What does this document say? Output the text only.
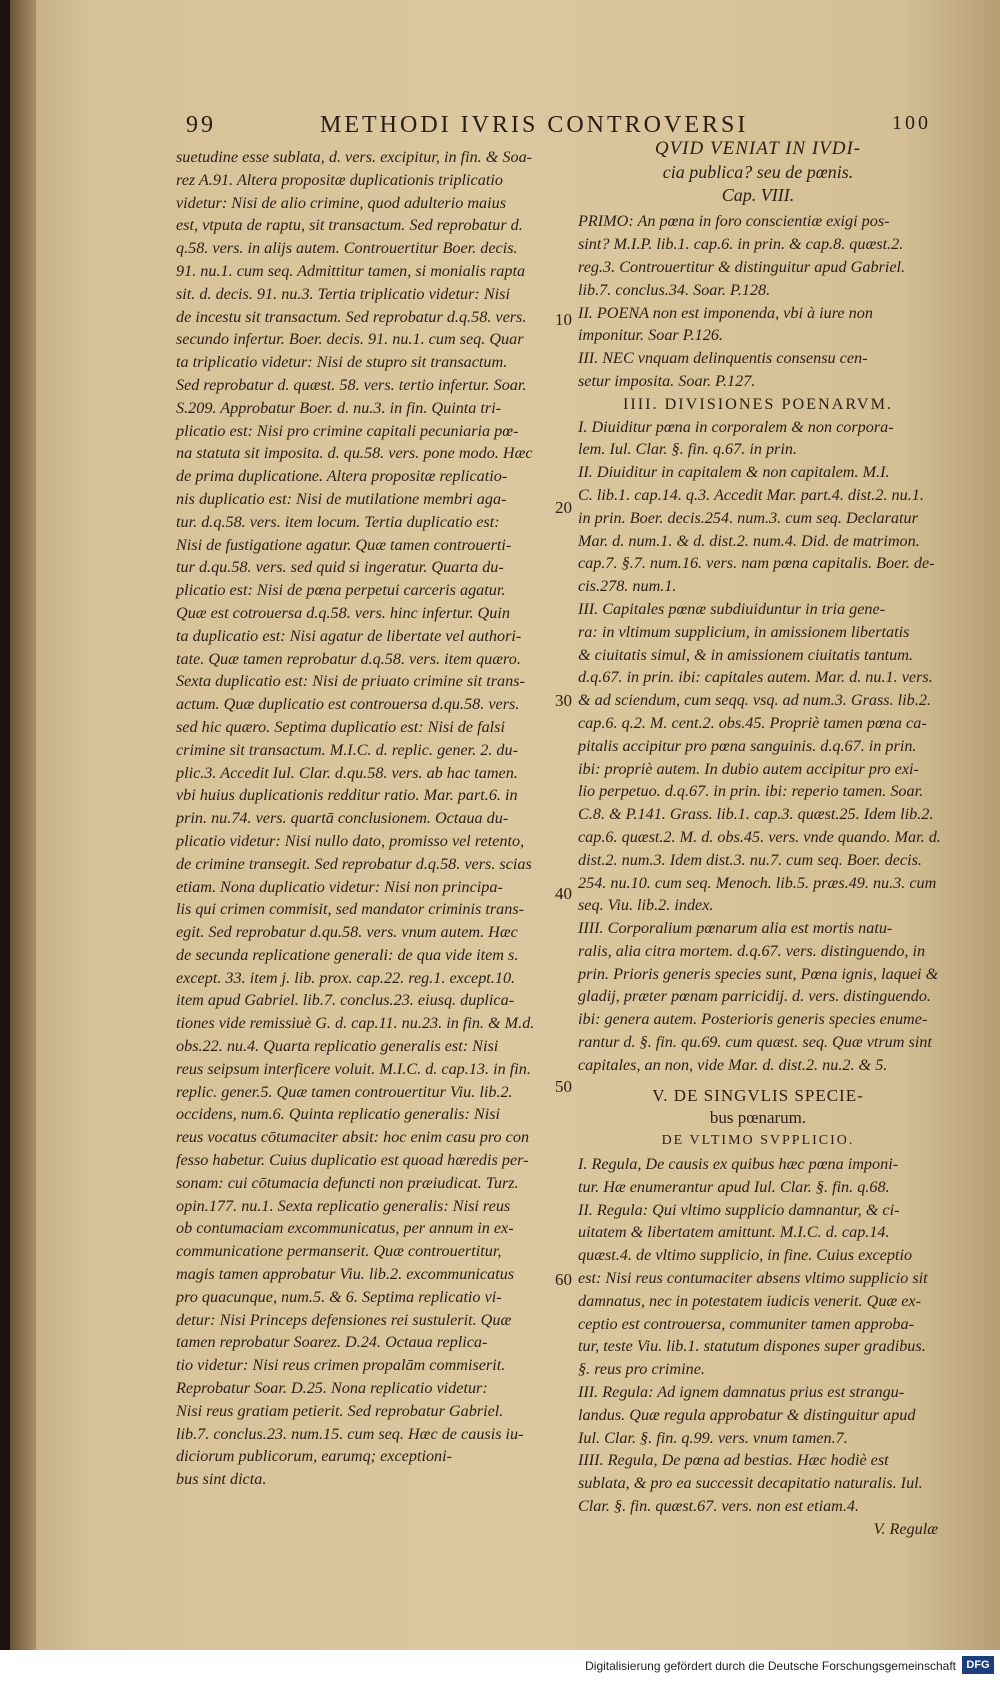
99	METHODI IVRIS CONTROVERSI	100

suetudine esse sublata, d. vers. excipitur, in fin. & Soa-

rez A.91. Altera propositæ duplicationis triplicatio

videtur: Nisi de alio crimine, quod adulterio maius

est, vtputa de raptu, sit transactum. Sed reprobatur d.

q.58. vers. in alijs autem. Controuertitur Boer. decis.

91. nu.1. cum seq. Admittitur tamen, si monialis rapta

sit. d. decis. 91. nu.3. Tertia triplicatio videtur: Nisi

de incestu sit transactum. Sed reprobatur d.q.58. vers.

secundo infertur. Boer. decis. 91. nu.1. cum seq. Quar

ta triplicatio videtur: Nisi de stupro sit transactum.

Sed reprobatur d. quæst. 58. vers. tertio infertur. Soar.

S.209. Approbatur Boer. d. nu.3. in fin. Quinta tri-

plicatio est: Nisi pro crimine capitali pecuniaria pœ-

na statuta sit imposita. d. qu.58. vers. pone modo. Hæc

de prima duplicatione. Altera propositæ replicatio-

nis duplicatio est: Nisi de mutilatione membri aga-

tur. d.q.58. vers. item locum. Tertia duplicatio est:

Nisi de fustigatione agatur. Quæ tamen controuerti-

tur d.qu.58. vers. sed quid si ingeratur. Quarta du-

plicatio est: Nisi de pœna perpetui carceris agatur.

Quæ est cotrouersa d.q.58. vers. hinc infertur. Quin

ta duplicatio est: Nisi agatur de libertate vel authori-

tate. Quæ tamen reprobatur d.q.58. vers. item quæro.

Sexta duplicatio est: Nisi de priuato crimine sit trans-

actum. Quæ duplicatio est controuersa d.qu.58. vers.

sed hic quæro. Septima duplicatio est: Nisi de falsi

crimine sit transactum. M.I.C. d. replic. gener. 2. du-

plic.3. Accedit Iul. Clar. d.qu.58. vers. ab hac tamen.

vbi huius duplicationis redditur ratio. Mar. part.6. in

prin. nu.74. vers. quartā conclusionem. Octaua du-

plicatio videtur: Nisi nullo dato, promisso vel retento,

de crimine transegit. Sed reprobatur d.q.58. vers. scias

etiam. Nona duplicatio videtur: Nisi non principa-

lis qui crimen commisit, sed mandator criminis trans-

egit. Sed reprobatur d.qu.58. vers. vnum autem. Hæc

de secunda replicatione generali: de qua vide item s.

except. 33. item j. lib. prox. cap.22. reg.1. except.10.

item apud Gabriel. lib.7. conclus.23. eiusq. duplica-

tiones vide remissiuè G. d. cap.11. nu.23. in fin. & M.d.

obs.22. nu.4. Quarta replicatio generalis est: Nisi

reus seipsum interficere voluit. M.I.C. d. cap.13. in fin.

replic. gener.5. Quæ tamen controuertitur Viu. lib.2.

occidens, num.6. Quinta replicatio generalis: Nisi

reus vocatus cōtumaciter absit: hoc enim casu pro con

fesso habetur. Cuius duplicatio est quoad hæredis per-

sonam: cui cōtumacia defuncti non præiudicat. Turz.

opin.177. nu.1. Sexta replicatio generalis: Nisi reus

ob contumaciam excommunicatus, per annum in ex-

communicatione permanserit. Quæ controuertitur,

magis tamen approbatur Viu. lib.2. excommunicatus

pro quacunque, num.5. & 6. Septima replicatio vi-

detur: Nisi Princeps defensiones rei sustulerit. Quæ

tamen reprobatur Soarez. D.24. Octaua replica-

tio videtur: Nisi reus crimen propalām commiserit.

Reprobatur Soar. D.25. Nona replicatio videtur:

Nisi reus gratiam petierit. Sed reprobatur Gabriel.

lib.7. conclus.23. num.15. cum seq. Hæc de causis iu-

diciorum publicorum, earumq; exceptioni-

bus sint dicta.

10
20
30
40
50
60

QVID VENIAT IN IVDI-

cia publica? seu de pœnis.

Cap. VIII.

PRIMO: An pœna in foro conscientiæ exigi pos-

sint? M.I.P. lib.1. cap.6. in prin. & cap.8. quæst.2.

reg.3. Controuertitur & distinguitur apud Gabriel.

lib.7. conclus.34. Soar. P.128.

II. POENA non est imponenda, vbi à iure non

imponitur. Soar P.126.

III. NEC vnquam delinquentis consensu cen-

setur imposita. Soar. P.127.

IIII. DIVISIONES POENARVM.

I. Diuiditur pœna in corporalem & non corpora-

lem. Iul. Clar. §. fin. q.67. in prin.

II. Diuiditur in capitalem & non capitalem. M.I.

C. lib.1. cap.14. q.3. Accedit Mar. part.4. dist.2. nu.1.

in prin. Boer. decis.254. num.3. cum seq. Declaratur

Mar. d. num.1. & d. dist.2. num.4. Did. de matrimon.

cap.7. §.7. num.16. vers. nam pœna capitalis. Boer. de-

cis.278. num.1.

III. Capitales pœnæ subdiuiduntur in tria gene-

ra: in vltimum supplicium, in amissionem libertatis

& ciuitatis simul, & in amissionem ciuitatis tantum.

d.q.67. in prin. ibi: capitales autem. Mar. d. nu.1. vers.

& ad sciendum, cum seqq. vsq. ad num.3. Grass. lib.2.

cap.6. q.2. M. cent.2. obs.45. Propriè tamen pœna ca-

pitalis accipitur pro pœna sanguinis. d.q.67. in prin.

ibi: propriè autem. In dubio autem accipitur pro exi-

lio perpetuo. d.q.67. in prin. ibi: reperio tamen. Soar.

C.8. & P.141. Grass. lib.1. cap.3. quæst.25. Idem lib.2.

cap.6. quæst.2. M. d. obs.45. vers. vnde quando. Mar. d.

dist.2. num.3. Idem dist.3. nu.7. cum seq. Boer. decis.

254. nu.10. cum seq. Menoch. lib.5. præs.49. nu.3. cum

seq. Viu. lib.2. index.

IIII. Corporalium pœnarum alia est mortis natu-

ralis, alia citra mortem. d.q.67. vers. distinguendo, in

prin. Prioris generis species sunt, Pœna ignis, laquei &

gladij, præter pœnam parricidij. d. vers. distinguendo.

ibi: genera autem. Posterioris generis species enume-

rantur d. §. fin. qu.69. cum quæst. seq. Quæ vtrum sint

capitales, an non, vide Mar. d. dist.2. nu.2. & 5.

V. DE SINGVLIS SPECIE-

bus pœnarum.

DE VLTIMO SVPPLICIO.

I. Regula, De causis ex quibus hæc pœna imponi-

tur. Hæ enumerantur apud Iul. Clar. §. fin. q.68.

II. Regula: Qui vltimo supplicio damnantur, & ci-

uitatem & libertatem amittunt. M.I.C. d. cap.14.

quæst.4. de vltimo supplicio, in fine. Cuius exceptio

est: Nisi reus contumaciter absens vltimo supplicio sit

damnatus, nec in potestatem iudicis venerit. Quæ ex-

ceptio est controuersa, communiter tamen approba-

tur, teste Viu. lib.1. statutum dispones super gradibus.

§. reus pro crimine.

III. Regula: Ad ignem damnatus prius est strangu-

landus. Quæ regula approbatur & distinguitur apud

Iul. Clar. §. fin. q.99. vers. vnum tamen.7.

IIII. Regula, De pœna ad bestias. Hæc hodiè est

sublata, & pro ea successit decapitatio naturalis. Iul.

Clar. §. fin. quæst.67. vers. non est etiam.4.

V. Regulæ

Digitalisierung gefördert durch die Deutsche Forschungsgemeinschaft DFG
